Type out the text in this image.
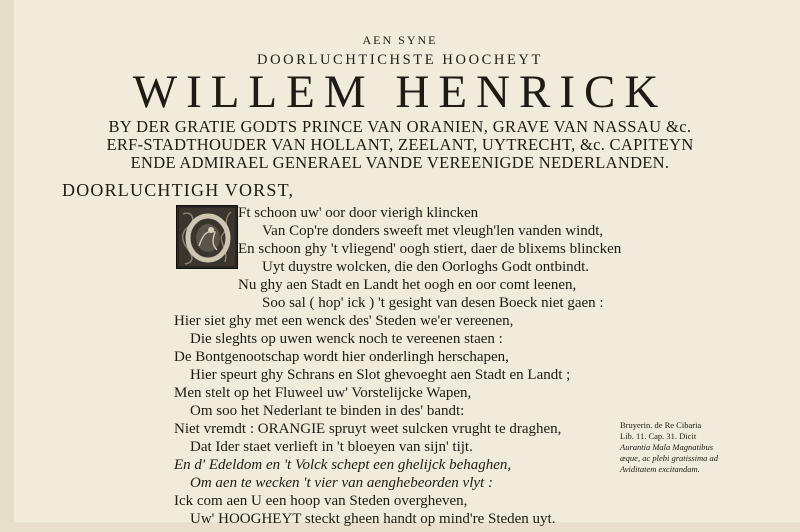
AEN SYNE
DOORLUCHTICHSTE HOOCHEYT
WILLEM HENRICK
BY DER GRATIE GODTS PRINCE VAN ORANIEN, GRAVE VAN NASSAU &c.
ERF-STADTHOUDER VAN HOLLANT, ZEELANT, UYTRECHT, &c. CAPITEYN
ENDE ADMIRAEL GENERAEL VANDE VEREENIGDE NEDERLANDEN.
DOORLUCHTIGH VORST,
Ft schoon uw' oor door vierigh klincken
Van Cop're donders sweeft met vleugh'len vanden windt,
En schoon ghy 't vliegend' oogh stiert, daer de blixems blincken
Uyt duystre wolcken, die den Oorloghs Godt ontbindt.
Nu ghy aen Stadt en Landt het oogh en oor comt leenen,
Soo sal ( hop' ick ) 't gesight van desen Boeck niet gaen :
Hier siet ghy met een wenck des' Steden we'er vereenen,
Die sleghts op uwen wenck noch te vereenen staen :
De Bontgenootschap wordt hier onderlingh herschapen,
Hier speurt ghy Schrans en Slot ghevoeght aen Stadt en Landt ;
Men stelt op het Fluweel uw' Vorstelijcke Wapen,
Om soo het Nederlant te binden in des' bandt:
Niet vremdt : ORANGIE spruyt weet sulcken vrught te draghen,
Dat Ider staet verlieft in 't bloeyen van sijn' tijt.
En d' Edeldom en 't Volck schept een ghelijck behaghen,
Om aen te wecken 't vier van aenghebeorden vlyt :
Ick com aen U een hoop van Steden overgheven,
Uw' HOOGHEYT steckt gheen handt op mind're Steden uyt.
Bruyerin. de Re Cibaria
Lib. 11. Cap. 31. Dicit
Aurantia Mala Magnatibus
æque, ac plebi gratissima ad
Aviditatem excitandam.
